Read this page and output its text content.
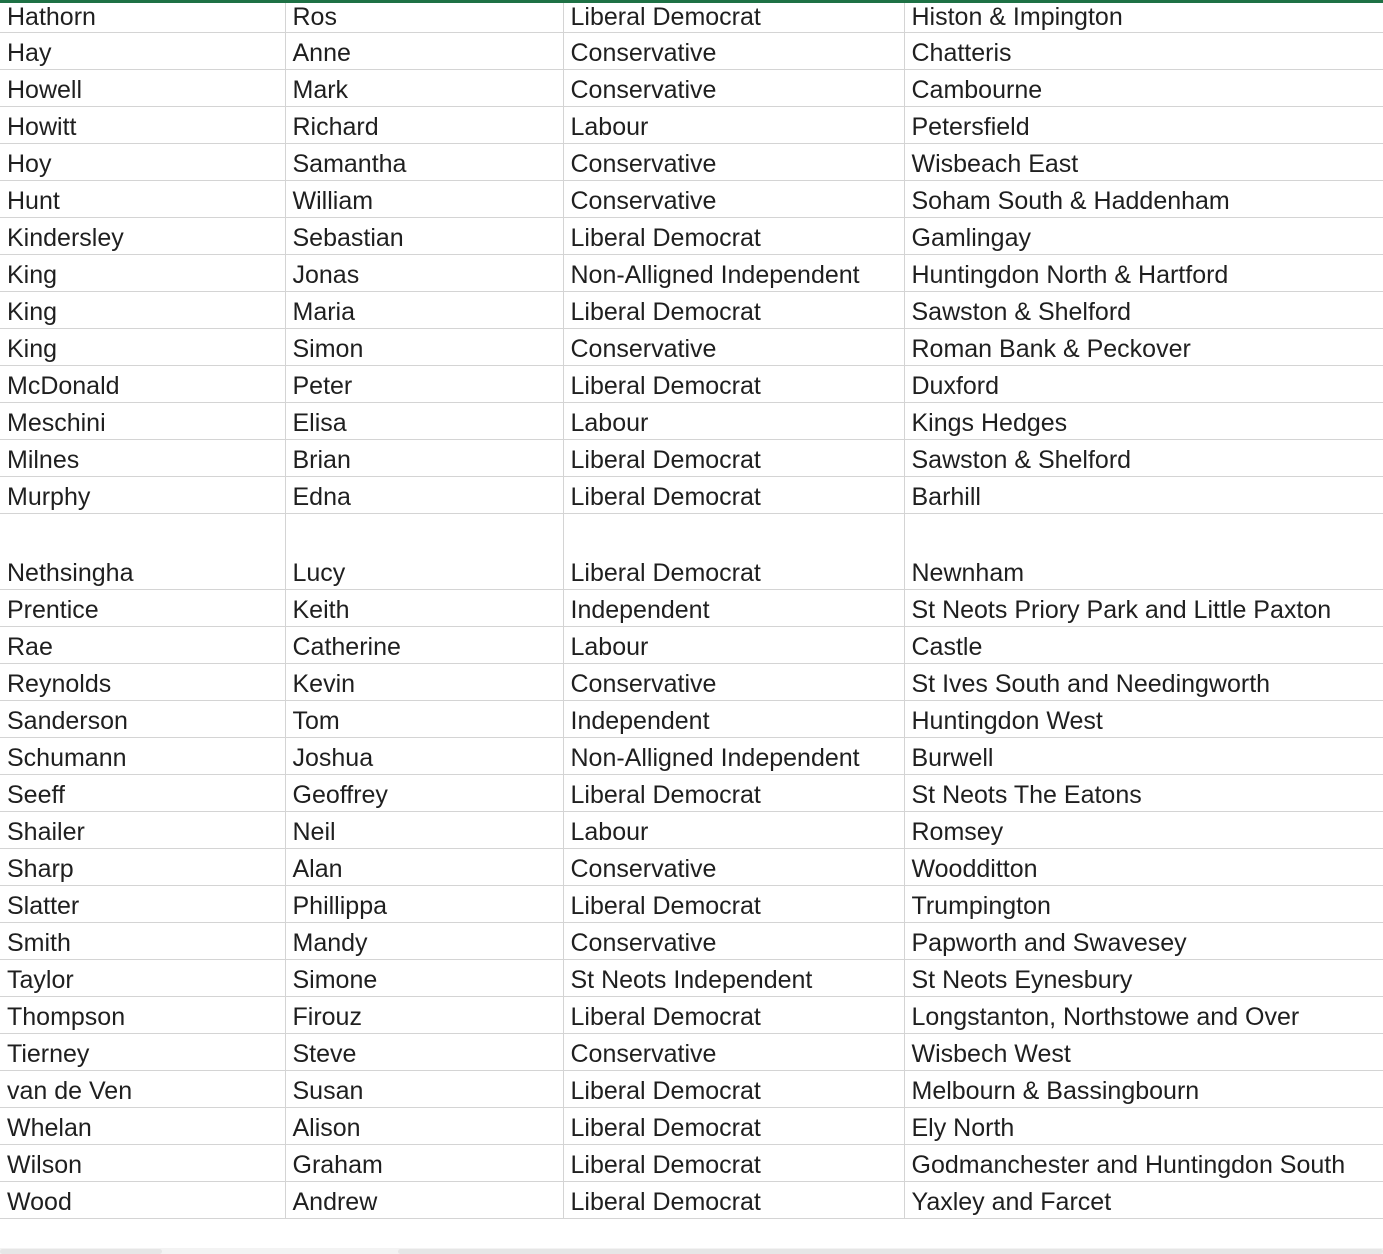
Hathorn	Ros	Liberal Democrat	Histon & Impington
Hay	Anne	Conservative	Chatteris
Howell	Mark	Conservative	Cambourne
Howitt	Richard	Labour	Petersfield
Hoy	Samantha	Conservative	Wisbeach East
Hunt	William	Conservative	Soham South & Haddenham
Kindersley	Sebastian	Liberal Democrat	Gamlingay
King	Jonas	Non-Alligned Independent	Huntingdon North & Hartford
King	Maria	Liberal Democrat	Sawston & Shelford
King	Simon	Conservative	Roman Bank & Peckover
McDonald	Peter	Liberal Democrat	Duxford
Meschini	Elisa	Labour	Kings Hedges
Milnes	Brian	Liberal Democrat	Sawston & Shelford
Murphy	Edna	Liberal Democrat	Barhill
Nethsingha	Lucy	Liberal Democrat	Newnham
Prentice	Keith	Independent	St Neots Priory Park and Little Paxton
Rae	Catherine	Labour	Castle
Reynolds	Kevin	Conservative	St Ives South and Needingworth
Sanderson	Tom	Independent	Huntingdon West
Schumann	Joshua	Non-Alligned Independent	Burwell
Seeff	Geoffrey	Liberal Democrat	St Neots The Eatons
Shailer	Neil	Labour	Romsey
Sharp	Alan	Conservative	Woodditton
Slatter	Phillippa	Liberal Democrat	Trumpington
Smith	Mandy	Conservative	Papworth and Swavesey
Taylor	Simone	St Neots Independent	St Neots Eynesbury
Thompson	Firouz	Liberal Democrat	Longstanton, Northstowe and Over
Tierney	Steve	Conservative	Wisbech West
van de Ven	Susan	Liberal Democrat	Melbourn & Bassingbourn
Whelan	Alison	Liberal Democrat	Ely North
Wilson	Graham	Liberal Democrat	Godmanchester and Huntingdon South
Wood	Andrew	Liberal Democrat	Yaxley and Farcet
